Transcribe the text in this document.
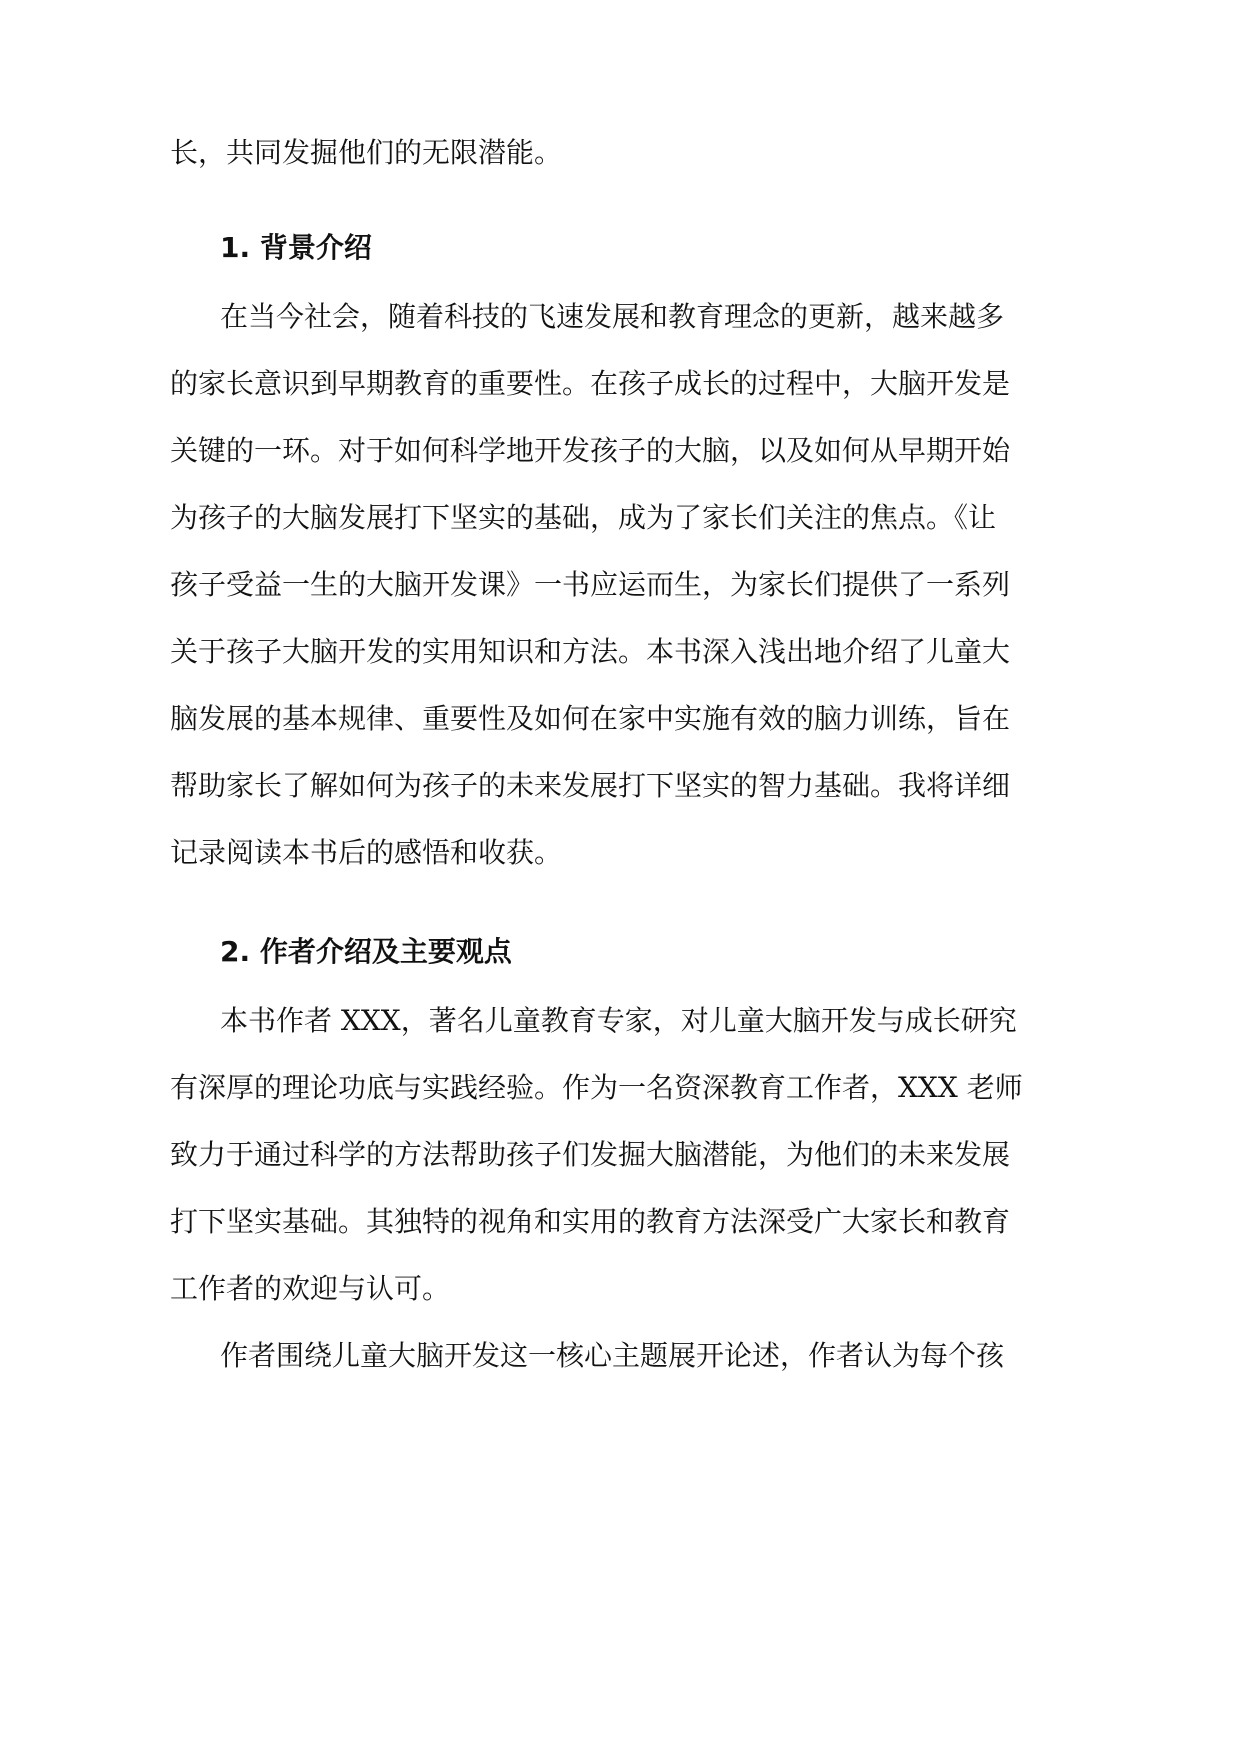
长，共同发掘他们的无限潜能。
1. 背景介绍
在当今社会，随着科技的飞速发展和教育理念的更新，越来越多
的家长意识到早期教育的重要性。在孩子成长的过程中，大脑开发是
关键的一环。对于如何科学地开发孩子的大脑，以及如何从早期开始
为孩子的大脑发展打下坚实的基础，成为了家长们关注的焦点。《让
孩子受益一生的大脑开发课》一书应运而生，为家长们提供了一系列
关于孩子大脑开发的实用知识和方法。本书深入浅出地介绍了儿童大
脑发展的基本规律、重要性及如何在家中实施有效的脑力训练，旨在
帮助家长了解如何为孩子的未来发展打下坚实的智力基础。我将详细
记录阅读本书后的感悟和收获。
2. 作者介绍及主要观点
本书作者 XXX，著名儿童教育专家，对儿童大脑开发与成长研究
有深厚的理论功底与实践经验。作为一名资深教育工作者，XXX 老师
致力于通过科学的方法帮助孩子们发掘大脑潜能，为他们的未来发展
打下坚实基础。其独特的视角和实用的教育方法深受广大家长和教育
工作者的欢迎与认可。
作者围绕儿童大脑开发这一核心主题展开论述，作者认为每个孩
